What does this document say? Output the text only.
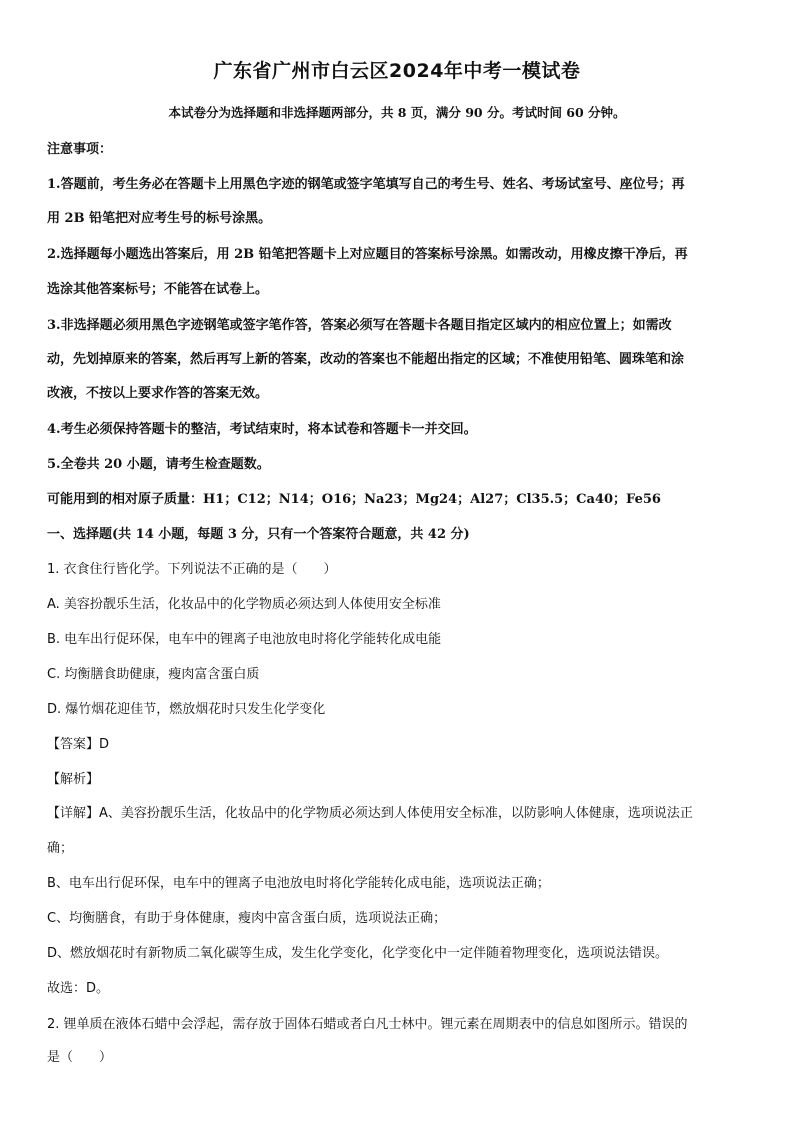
广东省广州市白云区2024年中考一模试卷
本试卷分为选择题和非选择题两部分，共 8 页，满分 90 分。考试时间 60 分钟。
注意事项：
1.答题前，考生务必在答题卡上用黑色字迹的钢笔或签字笔填写自己的考生号、姓名、考场试室号、座位号；再
用 2B 铅笔把对应考生号的标号涂黑。
2.选择题每小题选出答案后，用 2B 铅笔把答题卡上对应题目的答案标号涂黑。如需改动，用橡皮擦干净后，再
选涂其他答案标号；不能答在试卷上。
3.非选择题必须用黑色字迹钢笔或签字笔作答，答案必须写在答题卡各题目指定区域内的相应位置上；如需改
动，先划掉原来的答案，然后再写上新的答案，改动的答案也不能超出指定的区域；不准使用铅笔、圆珠笔和涂
改液，不按以上要求作答的答案无效。
4.考生必须保持答题卡的整洁，考试结束时，将本试卷和答题卡一并交回。
5.全卷共 20 小题，请考生检查题数。
可能用到的相对原子质量：H1；C12；N14；O16；Na23；Mg24；Al27；Cl35.5；Ca40；Fe56
一、选择题(共 14 小题，每题 3 分，只有一个答案符合题意，共 42 分)
1. 衣食住行皆化学。下列说法不正确的是（　　）
A. 美容扮靓乐生活，化妆品中的化学物质必须达到人体使用安全标准
B. 电车出行促环保，电车中的锂离子电池放电时将化学能转化成电能
C. 均衡膳食助健康，瘦肉富含蛋白质
D. 爆竹烟花迎佳节，燃放烟花时只发生化学变化
【答案】D
【解析】
【详解】A、美容扮靓乐生活，化妆品中的化学物质必须达到人体使用安全标准，以防影响人体健康，选项说法正
确；
B、电车出行促环保，电车中的锂离子电池放电时将化学能转化成电能，选项说法正确；
C、均衡膳食，有助于身体健康，瘦肉中富含蛋白质，选项说法正确；
D、燃放烟花时有新物质二氧化碳等生成，发生化学变化，化学变化中一定伴随着物理变化，选项说法错误。
故选：D。
2. 锂单质在液体石蜡中会浮起，需存放于固体石蜡或者白凡士林中。锂元素在周期表中的信息如图所示。错误的
是（　　）
